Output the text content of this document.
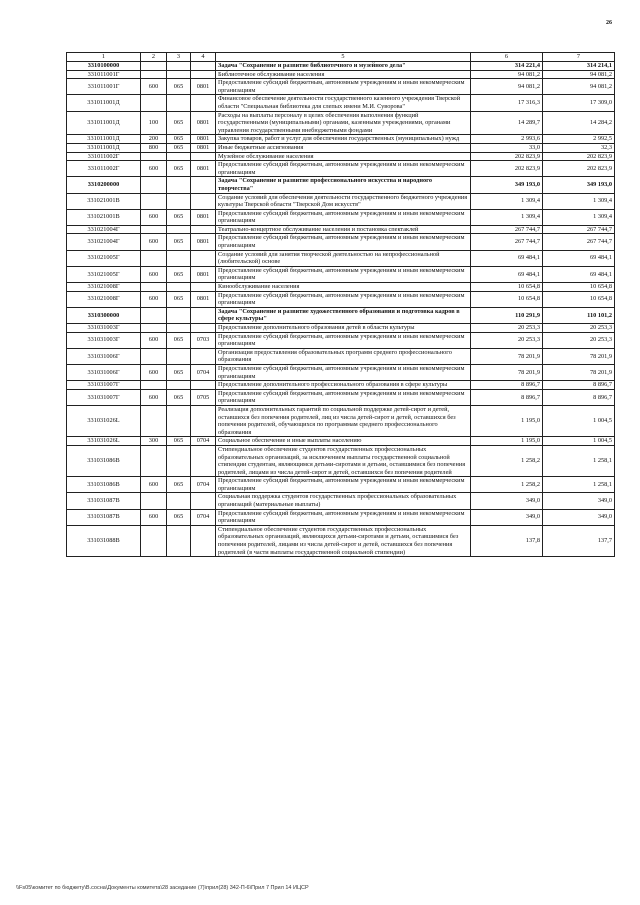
26
1	2	3	4	5	6	7
3310100000				Задача "Сохранение и развитие библиотечного и музейного дела"	314 221,4	314 214,1
331011001Г				Библиотечное обслуживание населения	94 081,2	94 081,2
331011001Г	600	065	0801	Предоставление субсидий бюджетным, автономным учреждениям и иным некоммерческим организациям	94 081,2	94 081,2
331011001Д				Финансовое обеспечение деятельности государственного казенного учреждения Тверской области "Специальная библиотека для слепых имени М.И. Суворова"	17 316,3	17 309,0
331011001Д	100	065	0801	Расходы на выплаты персоналу в целях обеспечения выполнения функций государственными (муниципальными) органами, казенными учреждениями, органами управления государственными внебюджетными фондами	14 289,7	14 284,2
331011001Д	200	065	0801	Закупка товаров, работ и услуг для обеспечения государственных (муниципальных) нужд	2 993,6	2 992,5
331011001Д	800	065	0801	Иные бюджетные ассигнования	33,0	32,3
331011002Г				Музейное обслуживание населения	202 823,9	202 823,9
331011002Г	600	065	0801	Предоставление субсидий бюджетным, автономным учреждениям и иным некоммерческим организациям	202 823,9	202 823,9
3310200000				Задача "Сохранение и развитие профессионального искусства и народного творчества"	349 193,0	349 193,0
331021001В				Создание условий для обеспечения деятельности государственного бюджетного учреждения культуры Тверской области "Тверской Дом искусств"	1 309,4	1 309,4
331021001В	600	065	0801	Предоставление субсидий бюджетным, автономным учреждениям и иным некоммерческим организациям	1 309,4	1 309,4
331021004Г				Театрально-концертное обслуживание населения и постановка спектаклей	267 744,7	267 744,7
331021004Г	600	065	0801	Предоставление субсидий бюджетным, автономным учреждениям и иным некоммерческим организациям	267 744,7	267 744,7
331021005Г				Создание условий для занятия творческой деятельностью на непрофессиональной (любительской) основе	69 484,1	69 484,1
331021005Г	600	065	0801	Предоставление субсидий бюджетным, автономным учреждениям и иным некоммерческим организациям	69 484,1	69 484,1
331021008Г				Кинообслуживание населения	10 654,8	10 654,8
331021008Г	600	065	0801	Предоставление субсидий бюджетным, автономным учреждениям и иным некоммерческим организациям	10 654,8	10 654,8
3310300000				Задача "Сохранение и развитие художественного образования и подготовка кадров в сфере культуры"	110 291,9	110 101,2
331031003Г				Предоставление дополнительного образования детей в области культуры	20 253,3	20 253,3
331031003Г	600	065	0703	Предоставление субсидий бюджетным, автономным учреждениям и иным некоммерческим организациям	20 253,3	20 253,3
331031006Г				Организация предоставления образовательных программ среднего профессионального образования	78 201,9	78 201,9
331031006Г	600	065	0704	Предоставление субсидий бюджетным, автономным учреждениям и иным некоммерческим организациям	78 201,9	78 201,9
331031007Г				Предоставление дополнительного профессионального образования в сфере культуры	8 896,7	8 896,7
331031007Г	600	065	0705	Предоставление субсидий бюджетным, автономным учреждениям и иным некоммерческим организациям	8 896,7	8 896,7
331031026L				Реализация дополнительных гарантий по социальной поддержке детей-сирот и детей, оставшихся без попечения родителей, лиц из числа детей-сирот и детей, оставшихся без попечения родителей, обучающихся по программам среднего профессионального образования	1 195,0	1 004,5
331031026L	300	065	0704	Социальное обеспечение и иные выплаты населению	1 195,0	1 004,5
331031086В				Стипендиальное обеспечение студентов государственных профессиональных образовательных организаций, за исключением выплаты государственной социальной стипендии студентам, являющимся детьми-сиротами и детьми, оставшимися без попечения родителей, лицами из числа детей-сирот и детей, оставшихся без попечения родителей	1 258,2	1 258,1
331031086В	600	065	0704	Предоставление субсидий бюджетным, автономным учреждениям и иным некоммерческим организациям	1 258,2	1 258,1
331031087В				Социальная поддержка студентов государственных профессиональных образовательных организаций (материальные выплаты)	349,0	349,0
331031087В	600	065	0704	Предоставление субсидий бюджетным, автономным учреждениям и иным некоммерческим организациям	349,0	349,0
331031088В				Стипендиальное обеспечение студентов государственных профессиональных образовательных организаций, являющихся детьми-сиротами и детьми, оставшимися без попечения родителей, лицами из числа детей-сирот и детей, оставшихся без попечения родителей (в части выплаты государственной социальной стипендии)	137,8	137,7
\\Fs05\комитет по бюджету\В.сосна\Документы комитета\28 заседание (7)\прил(28) 342-П-6\Прил 7 Прил 14 ИЦСР
